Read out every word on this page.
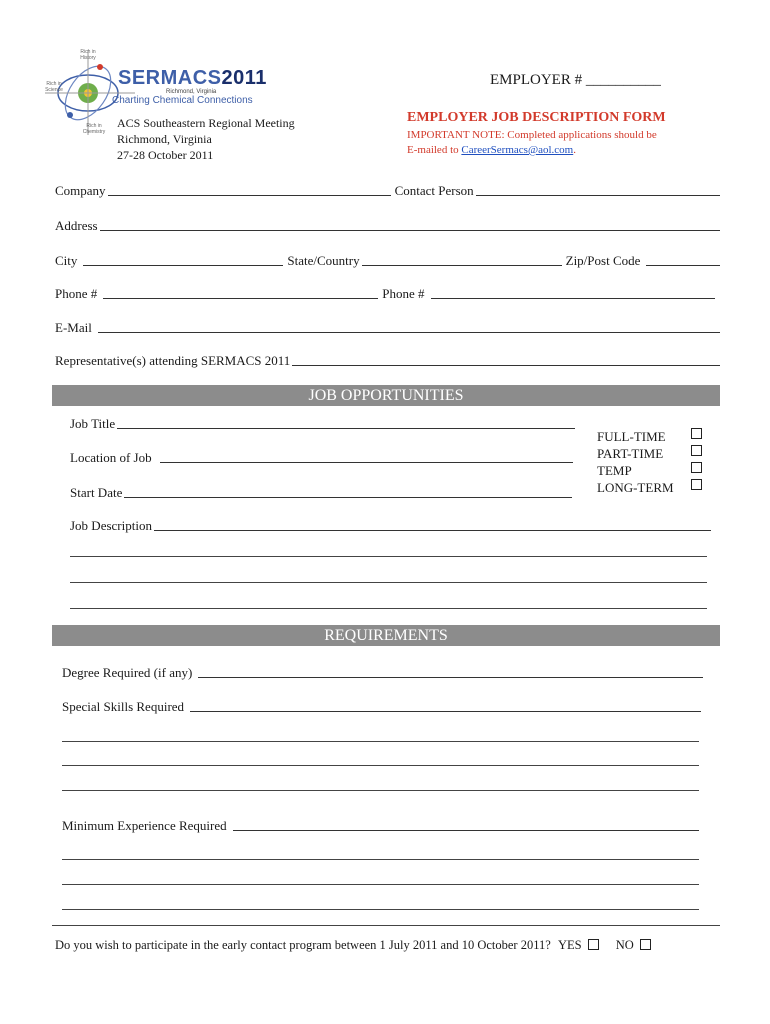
Rich in History
Rich in Science
Rich in Chemistry
SERMACS2011
Richmond, Virginia
Charting Chemical Connections
ACS Southeastern Regional Meeting
Richmond, Virginia
27-28 October 2011
EMPLOYER # __________
EMPLOYER JOB DESCRIPTION FORM
IMPORTANT NOTE: Completed applications should be
E-mailed to CareerSermacs@aol.com.
Company	Contact Person
Address
City	State/Country	Zip/Post Code
Phone #	Phone #
E-Mail
Representative(s) attending SERMACS 2011
JOB OPPORTUNITIES
Job Title
Location of Job
Start Date
FULL-TIME
PART-TIME
TEMP
LONG-TERM
Job Description
REQUIREMENTS
Degree Required (if any)
Special Skills Required
Minimum Experience Required
Do you wish to participate in the early contact program between 1 July 2011 and 10 October 2011? YES	NO
